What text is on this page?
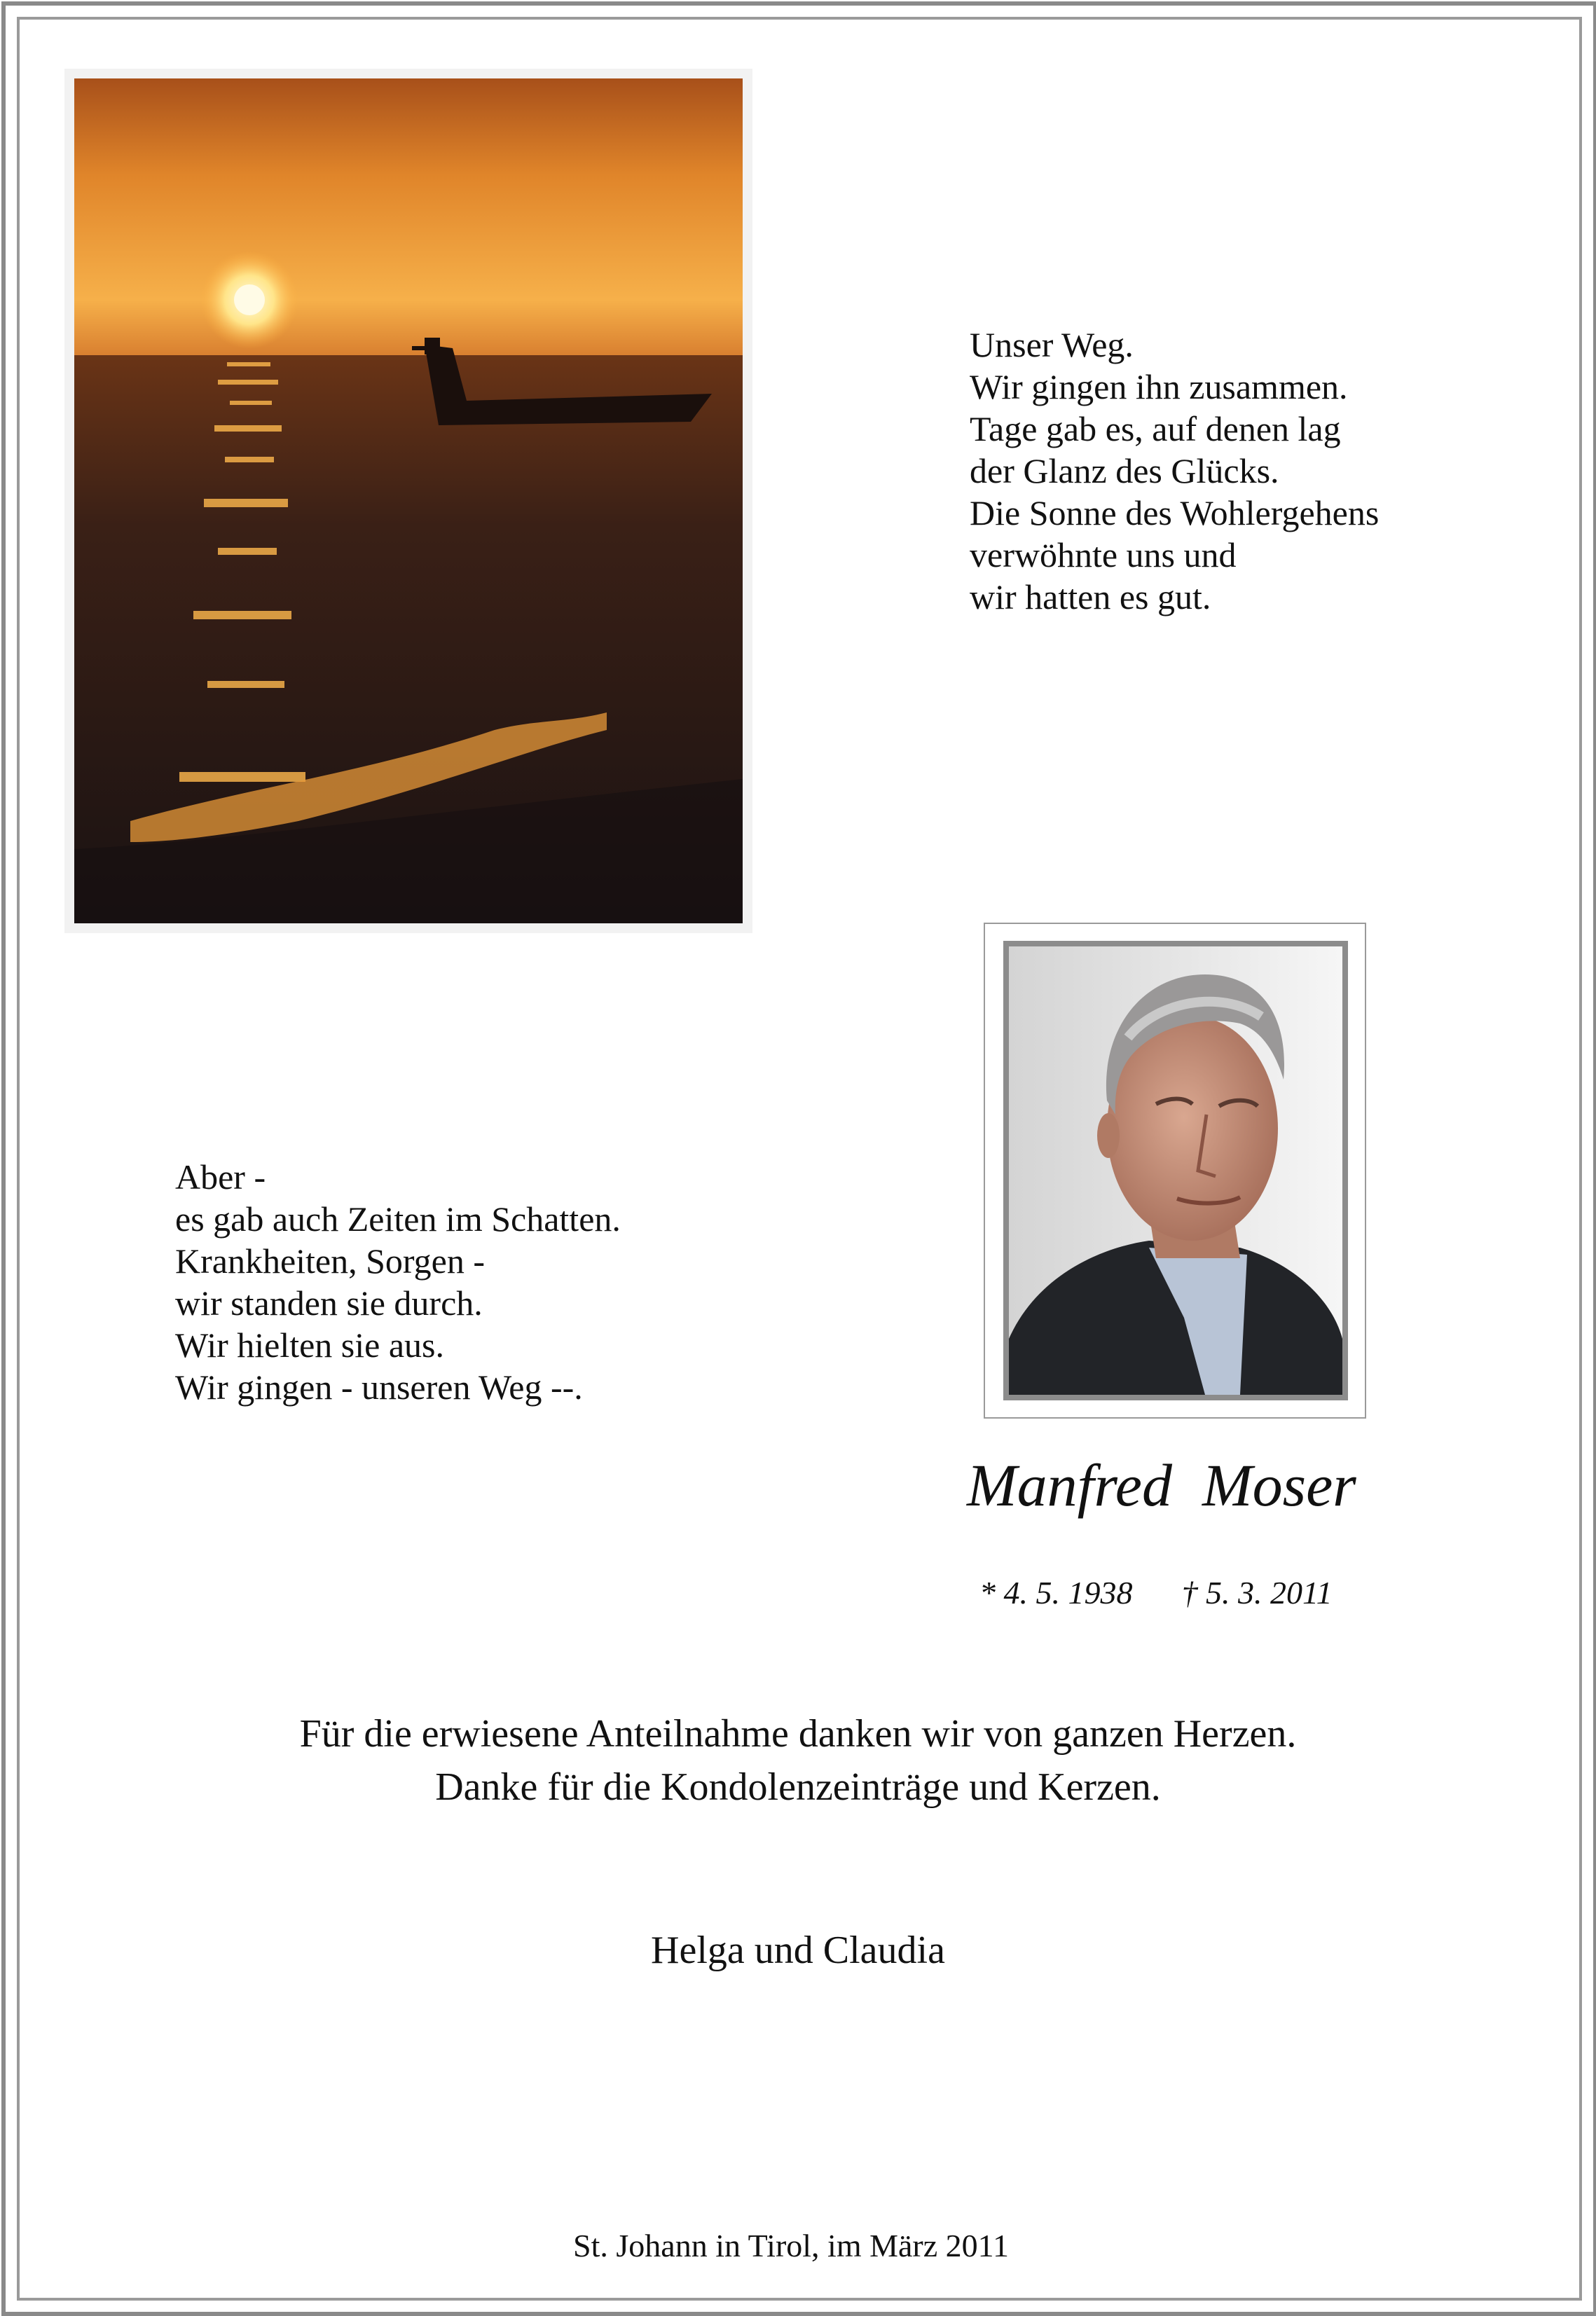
Unser Weg.
Wir gingen ihn zusammen.
Tage gab es, auf denen lag
der Glanz des Glücks.
Die Sonne des Wohlergehens
verwöhnte uns und
wir hatten es gut.
Aber -
es gab auch Zeiten im Schatten.
Krankheiten, Sorgen -
wir standen sie durch.
Wir hielten sie aus.
Wir gingen - unseren Weg --.
Manfred  Moser
* 4. 5. 1938 † 5. 3. 2011
Für die erwiesene Anteilnahme danken wir von ganzen Herzen.
Danke für die Kondolenzeinträge und Kerzen.
Helga und Claudia
St. Johann in Tirol, im März 2011
